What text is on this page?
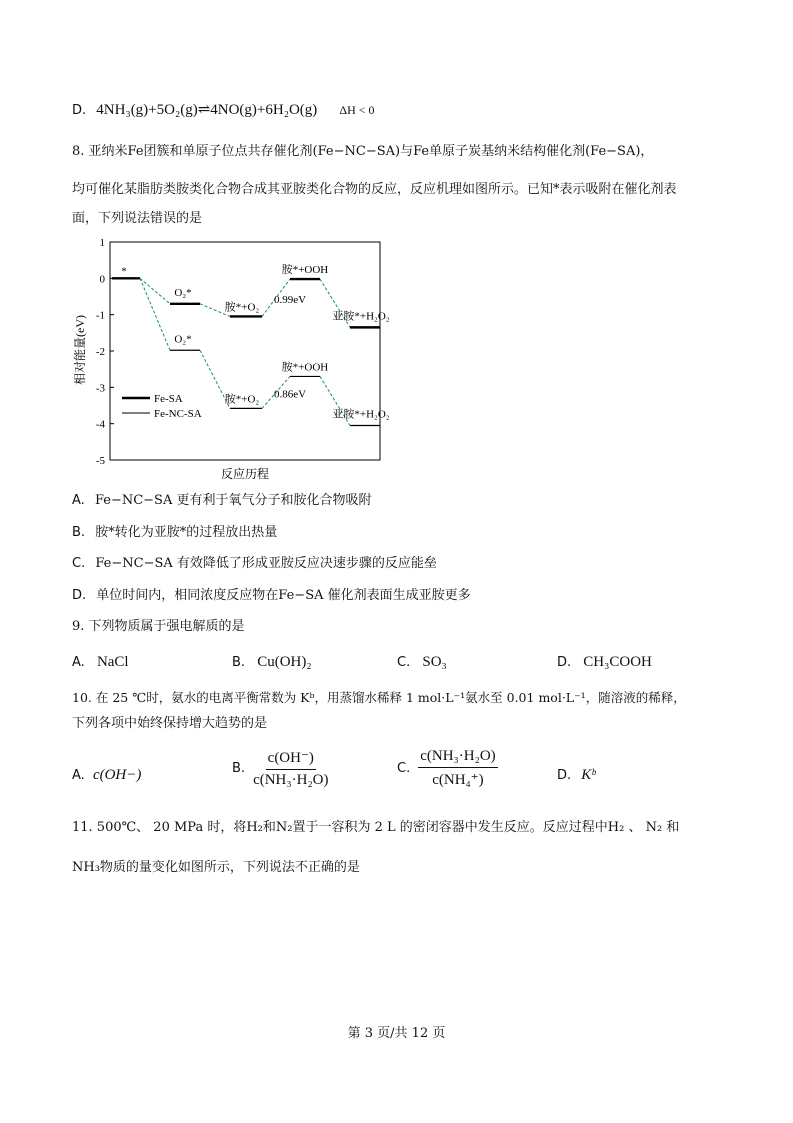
D. 4NH₃(g)+5O₂(g)⇌4NO(g)+6H₂O(g) ΔH < 0
8. 亚纳米Fe团簇和单原子位点共存催化剂(Fe−NC−SA)与Fe单原子炭基纳米结构催化剂(Fe−SA)，
均可催化某脂肪类胺类化合物合成其亚胺类化合物的反应，反应机理如图所示。已知*表示吸附在催化剂表
面，下列说法错误的是
1
0
-1
-2
-3
-4
-5
相对能量(eV)
反应历程
*
O₂*
胺*+O₂
胺*+OOH
亚胺*+H₂O₂
0.99eV
O₂*
胺*+O₂
胺*+OOH
亚胺*+H₂O₂
0.86eV
Fe-SA
Fe-NC-SA
A. Fe−NC−SA 更有利于氧气分子和胺化合物吸附
B. 胺*转化为亚胺*的过程放出热量
C. Fe−NC−SA 有效降低了形成亚胺反应决速步骤的反应能垒
D. 单位时间内，相同浓度反应物在Fe−SA 催化剂表面生成亚胺更多
9. 下列物质属于强电解质的是
A. NaCl	B. Cu(OH)₂	C. SO₃	D. CH₃COOH
10. 在 25 ℃时，氨水的电离平衡常数为 Kᵇ，用蒸馏水稀释 1 mol·L⁻¹氨水至 0.01 mol·L⁻¹，随溶液的稀释，
下列各项中始终保持增大趋势的是
A. c(OH−)	B. $\frac{c(OH^-)}{\text{c(NH₃·H₂O)}}$	C. $\frac{\text{c(NH₃·H₂O)}}{\text{c(NH₄⁺)}}$	D. Kᵇ
11. 500℃、 20 MPa 时，将H₂和N₂置于一容积为 2 L 的密闭容器中发生反应。反应过程中H₂ 、 N₂ 和
NH₃物质的量变化如图所示，下列说法不正确的是
第 3 页/共 12 页
